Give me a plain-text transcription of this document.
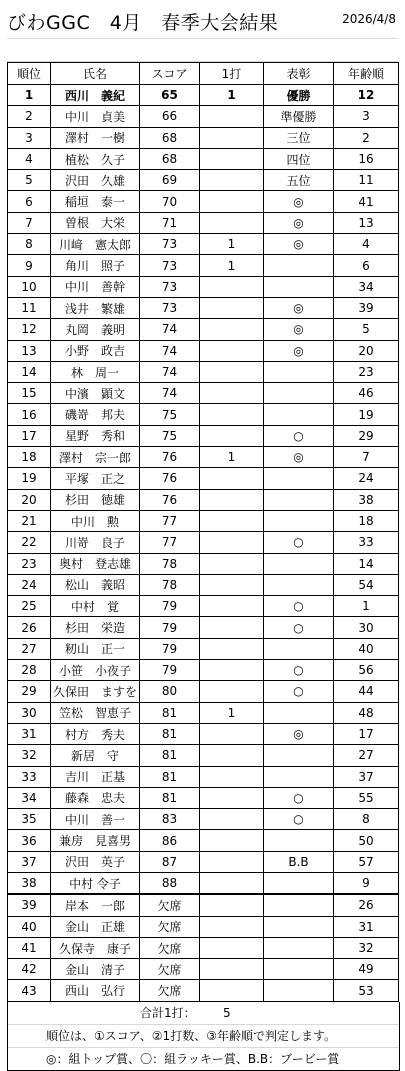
びわGGC　4月　春季大会結果	2026/4/8
順位	氏名	スコア	1打	表彰	年齢順
1	西川　義紀	65	1	優勝	12
2	中川　貞美	66		準優勝	3
3	澤村　一樹	68		三位	2
4	植松　久子	68		四位	16
5	沢田　久雄	69		五位	11
6	稲垣　泰一	70		◎	41
7	曽根　大栄	71		◎	13
8	川﨑　憲太郎	73	1	◎	4
9	角川　照子	73	1		6
10	中川　善幹	73			34
11	浅井　繁雄	73		◎	39
12	丸岡　義明	74		◎	5
13	小野　政吉	74		◎	20
14	林　周一	74			23
15	中濱　顕文	74			46
16	磯嵜　邦夫	75			19
17	星野　秀和	75		○	29
18	澤村　宗一郎	76	1	◎	7
19	平塚　正之	76			24
20	杉田　徳雄	76			38
21	中川　勲	77			18
22	川嵜　良子	77		○	33
23	奥村　登志雄	78			14
24	松山　義昭	78			54
25	中村　覚	79		○	1
26	杉田　栄造	79		○	30
27	籾山　正一	79			40
28	小笹　小夜子	79		○	56
29	久保田　ますを	80		○	44
30	笠松　智恵子	81	1		48
31	村方　秀夫	81		◎	17
32	新居　守	81			27
33	吉川　正基	81			37
34	藤森　忠夫	81		○	55
35	中川　善一	83		○	8
36	兼房　見喜男	86			50
37	沢田　英子	87		B.B	57
38	中村 令子	88			9
39	岸本　一郎	欠席			26
40	金山　正雄	欠席			31
41	久保寺　康子	欠席			32
42	金山　清子	欠席			49
43	西山　弘行	欠席			53
合計1打： 5
順位は、①スコア、②1打数、③年齢順で判定します。
◎：組トップ賞、〇：組ラッキー賞、B.B：ブービー賞
